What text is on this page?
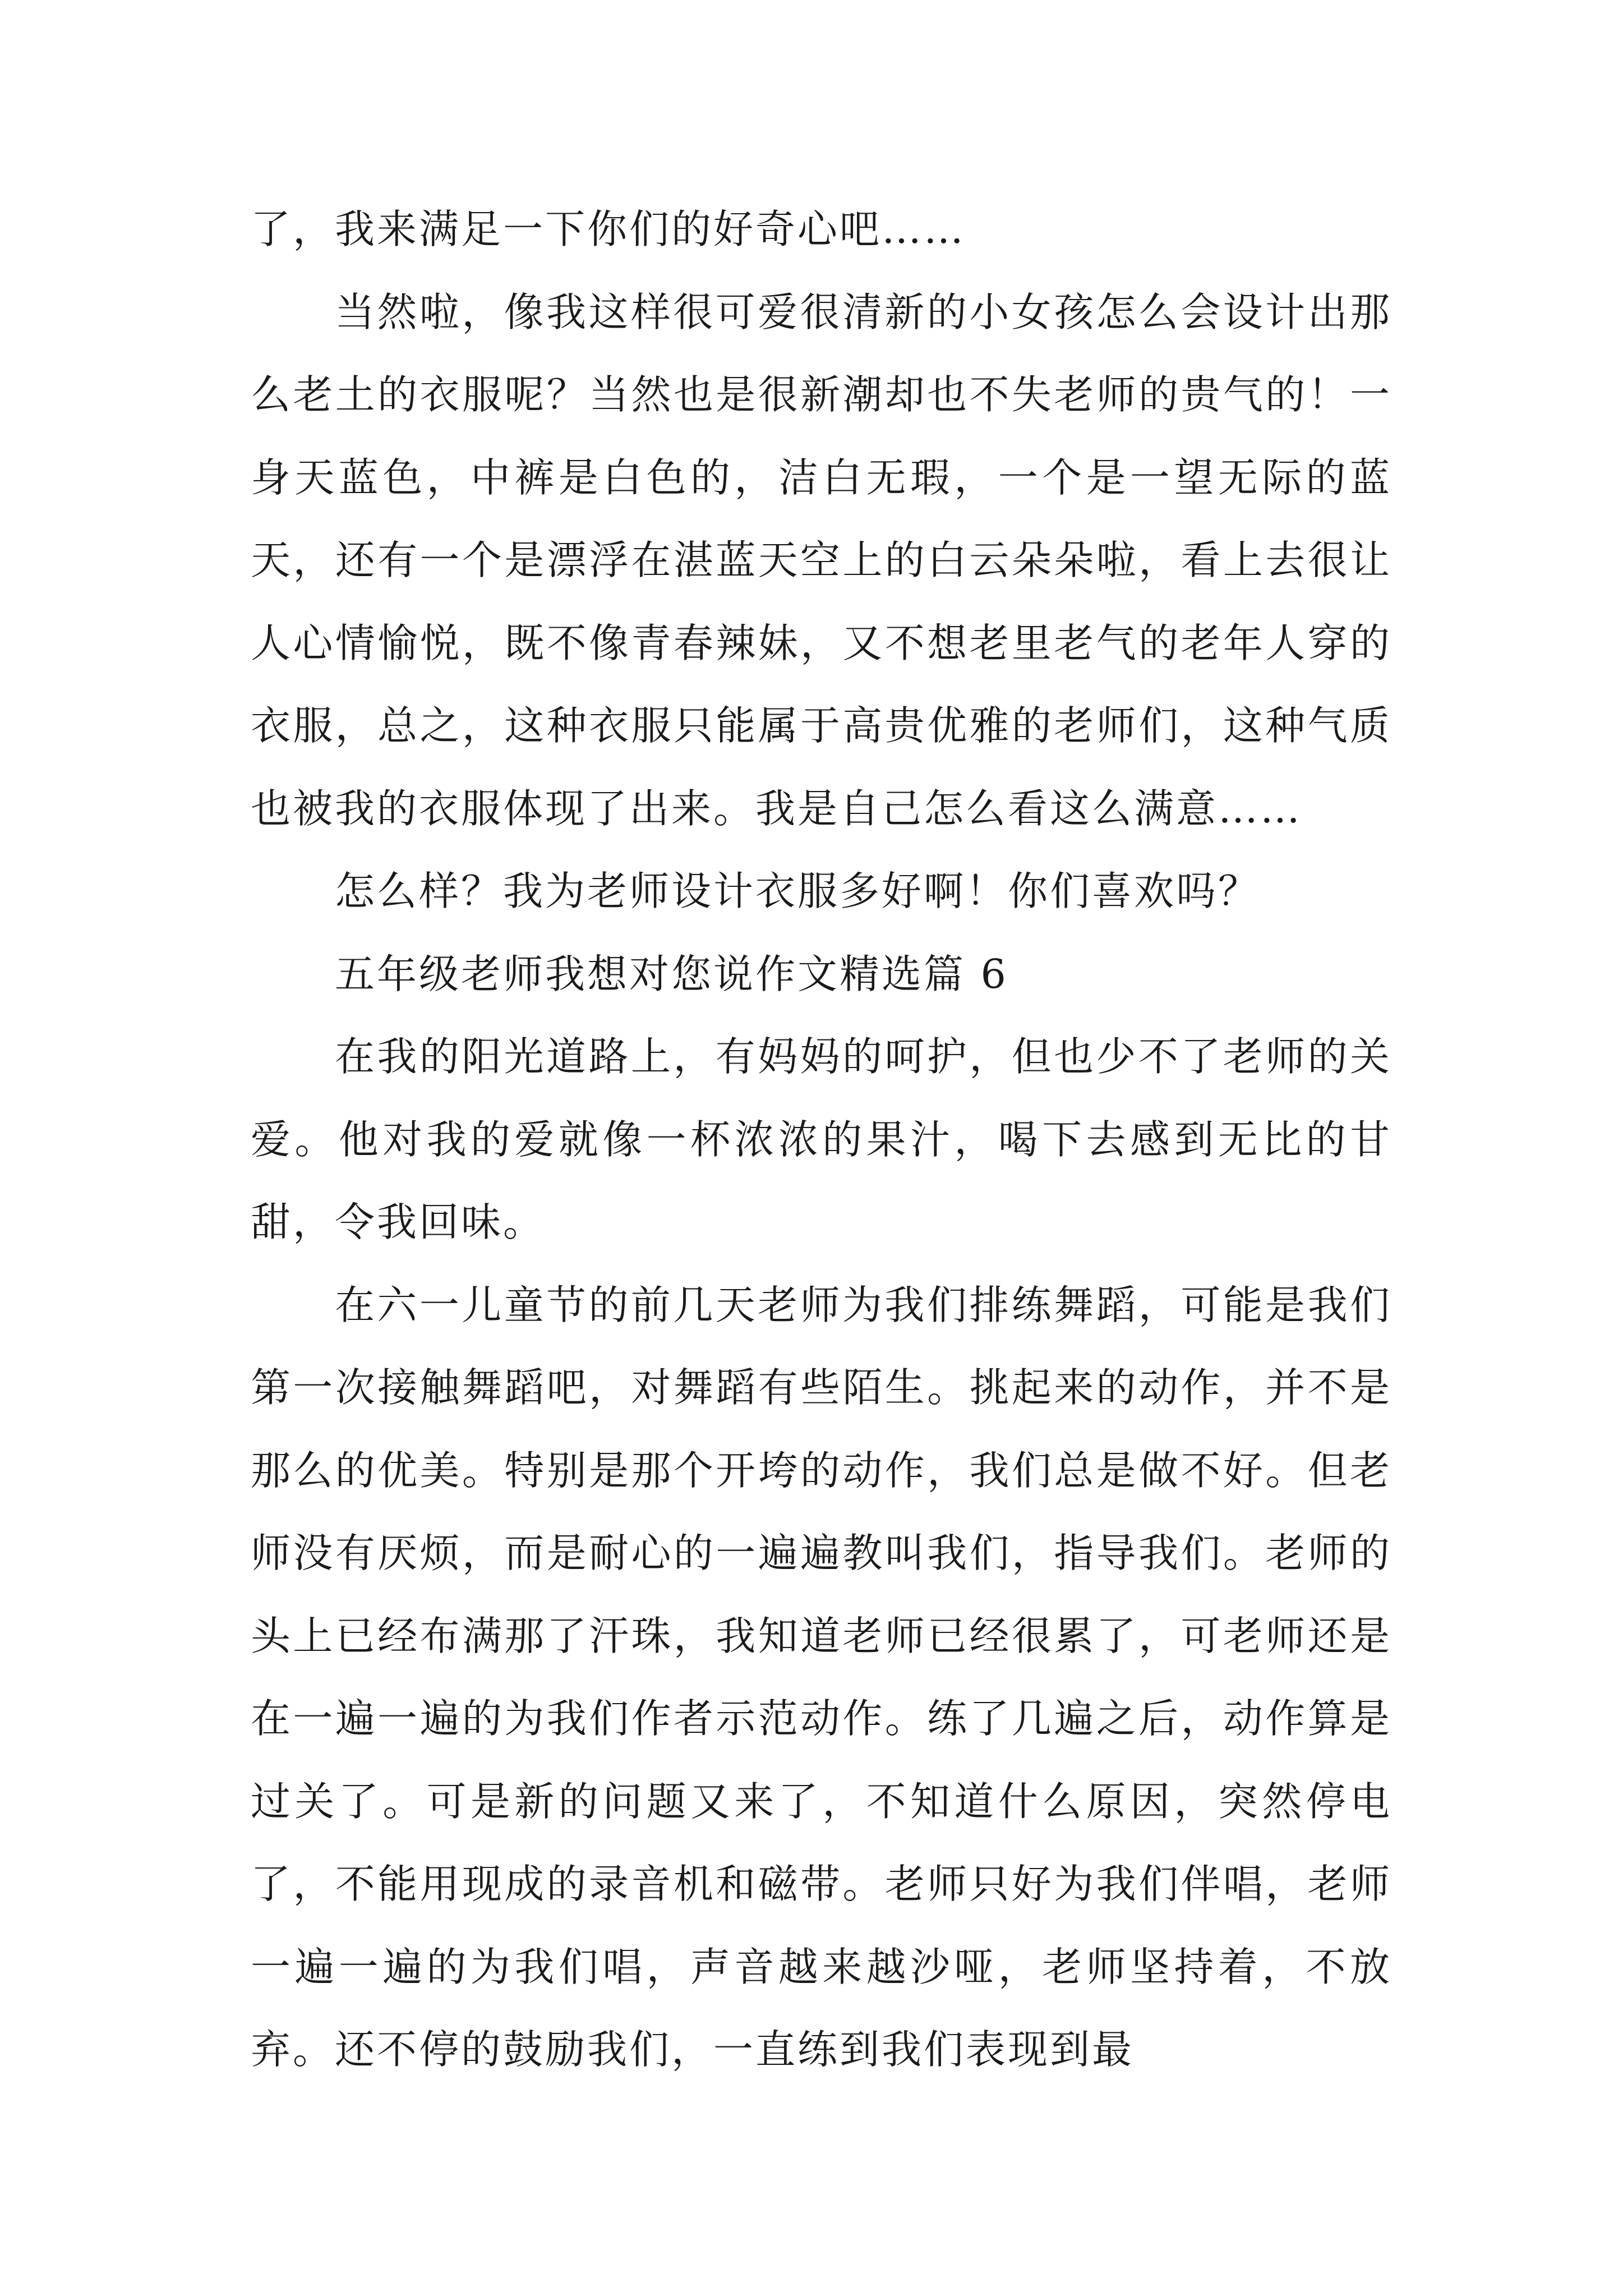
了，我来满足一下你们的好奇心吧……

当然啦，像我这样很可爱很清新的小女孩怎么会设计出那么老土的衣服呢？当然也是很新潮却也不失老师的贵气的！一身天蓝色，中裤是白色的，洁白无瑕，一个是一望无际的蓝天，还有一个是漂浮在湛蓝天空上的白云朵朵啦，看上去很让人心情愉悦，既不像青春辣妹，又不想老里老气的老年人穿的衣服，总之，这种衣服只能属于高贵优雅的老师们，这种气质也被我的衣服体现了出来。我是自己怎么看这么满意……

怎么样？我为老师设计衣服多好啊！你们喜欢吗？

五年级老师我想对您说作文精选篇 6

在我的阳光道路上，有妈妈的呵护，但也少不了老师的关爱。他对我的爱就像一杯浓浓的果汁，喝下去感到无比的甘甜，令我回味。

在六一儿童节的前几天老师为我们排练舞蹈，可能是我们第一次接触舞蹈吧，对舞蹈有些陌生。挑起来的动作，并不是那么的优美。特别是那个开垮的动作，我们总是做不好。但老师没有厌烦，而是耐心的一遍遍教叫我们，指导我们。老师的头上已经布满那了汗珠，我知道老师已经很累了，可老师还是在一遍一遍的为我们作者示范动作。练了几遍之后，动作算是过关了。可是新的问题又来了，不知道什么原因，突然停电了，不能用现成的录音机和磁带。老师只好为我们伴唱，老师一遍一遍的为我们唱，声音越来越沙哑，老师坚持着，不放弃。还不停的鼓励我们，一直练到我们表现到最
